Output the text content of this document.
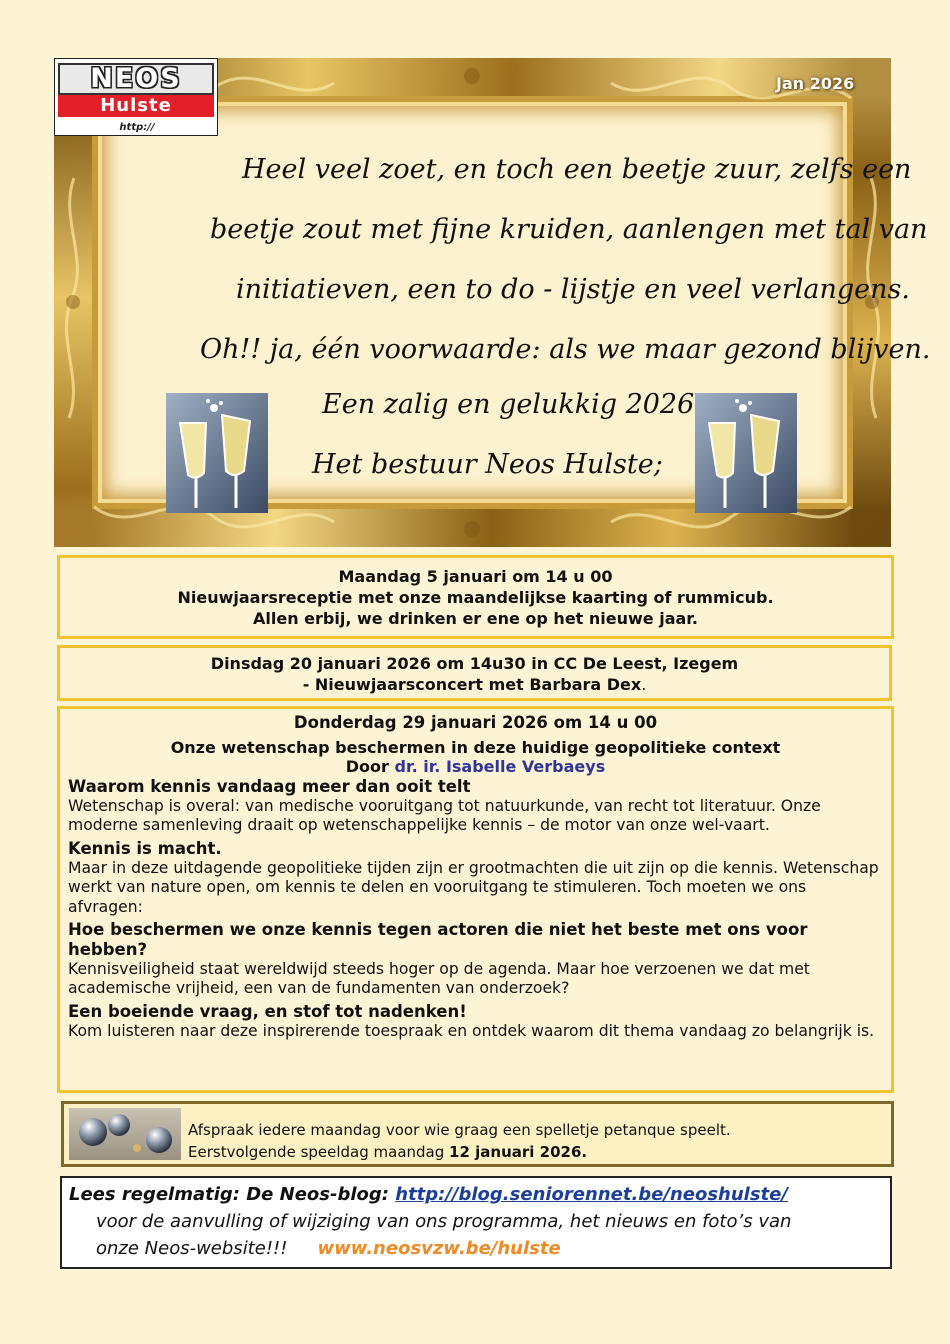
NEOS
Hulste
http://
Jan 2026
Heel veel zoet, en toch een beetje zuur, zelfs een
beetje zout met fijne kruiden, aanlengen met tal van
initiatieven, een to do - lijstje en veel verlangens.
Oh!! ja, één voorwaarde: als we maar gezond blijven.
Een zalig en gelukkig 2026
Het bestuur Neos Hulste;
Maandag 5 januari om 14 u 00
Nieuwjaarsreceptie met onze maandelijkse kaarting of rummicub.
Allen erbij, we drinken er ene op het nieuwe jaar.
Dinsdag 20 januari 2026 om 14u30 in CC De Leest, Izegem
- Nieuwjaarsconcert met Barbara Dex.
Donderdag 29 januari 2026 om 14 u 00
Onze wetenschap beschermen in deze huidige geopolitieke context
Door dr. ir. Isabelle Verbaeys
Waarom kennis vandaag meer dan ooit telt
Wetenschap is overal: van medische vooruitgang tot natuurkunde, van recht tot literatuur. Onze moderne samenleving draait op wetenschappelijke kennis – de motor van onze wel-vaart.
Kennis is macht.
Maar in deze uitdagende geopolitieke tijden zijn er grootmachten die uit zijn op die kennis. Wetenschap werkt van nature open, om kennis te delen en vooruitgang te stimuleren. Toch moeten we ons afvragen:
Hoe beschermen we onze kennis tegen actoren die niet het beste met ons voor hebben?
Kennisveiligheid staat wereldwijd steeds hoger op de agenda. Maar hoe verzoenen we dat met academische vrijheid, een van de fundamenten van onderzoek?
Een boeiende vraag, en stof tot nadenken!
Kom luisteren naar deze inspirerende toespraak en ontdek waarom dit thema vandaag zo belangrijk is.
Afspraak iedere maandag voor wie graag een spelletje petanque speelt.
Eerstvolgende speeldag maandag 12 januari 2026.
Lees regelmatig: De Neos-blog: http://blog.seniorennet.be/neoshulste/
voor de aanvulling of wijziging van ons programma, het nieuws en foto’s van
onze Neos-website!!! www.neosvzw.be/hulste
